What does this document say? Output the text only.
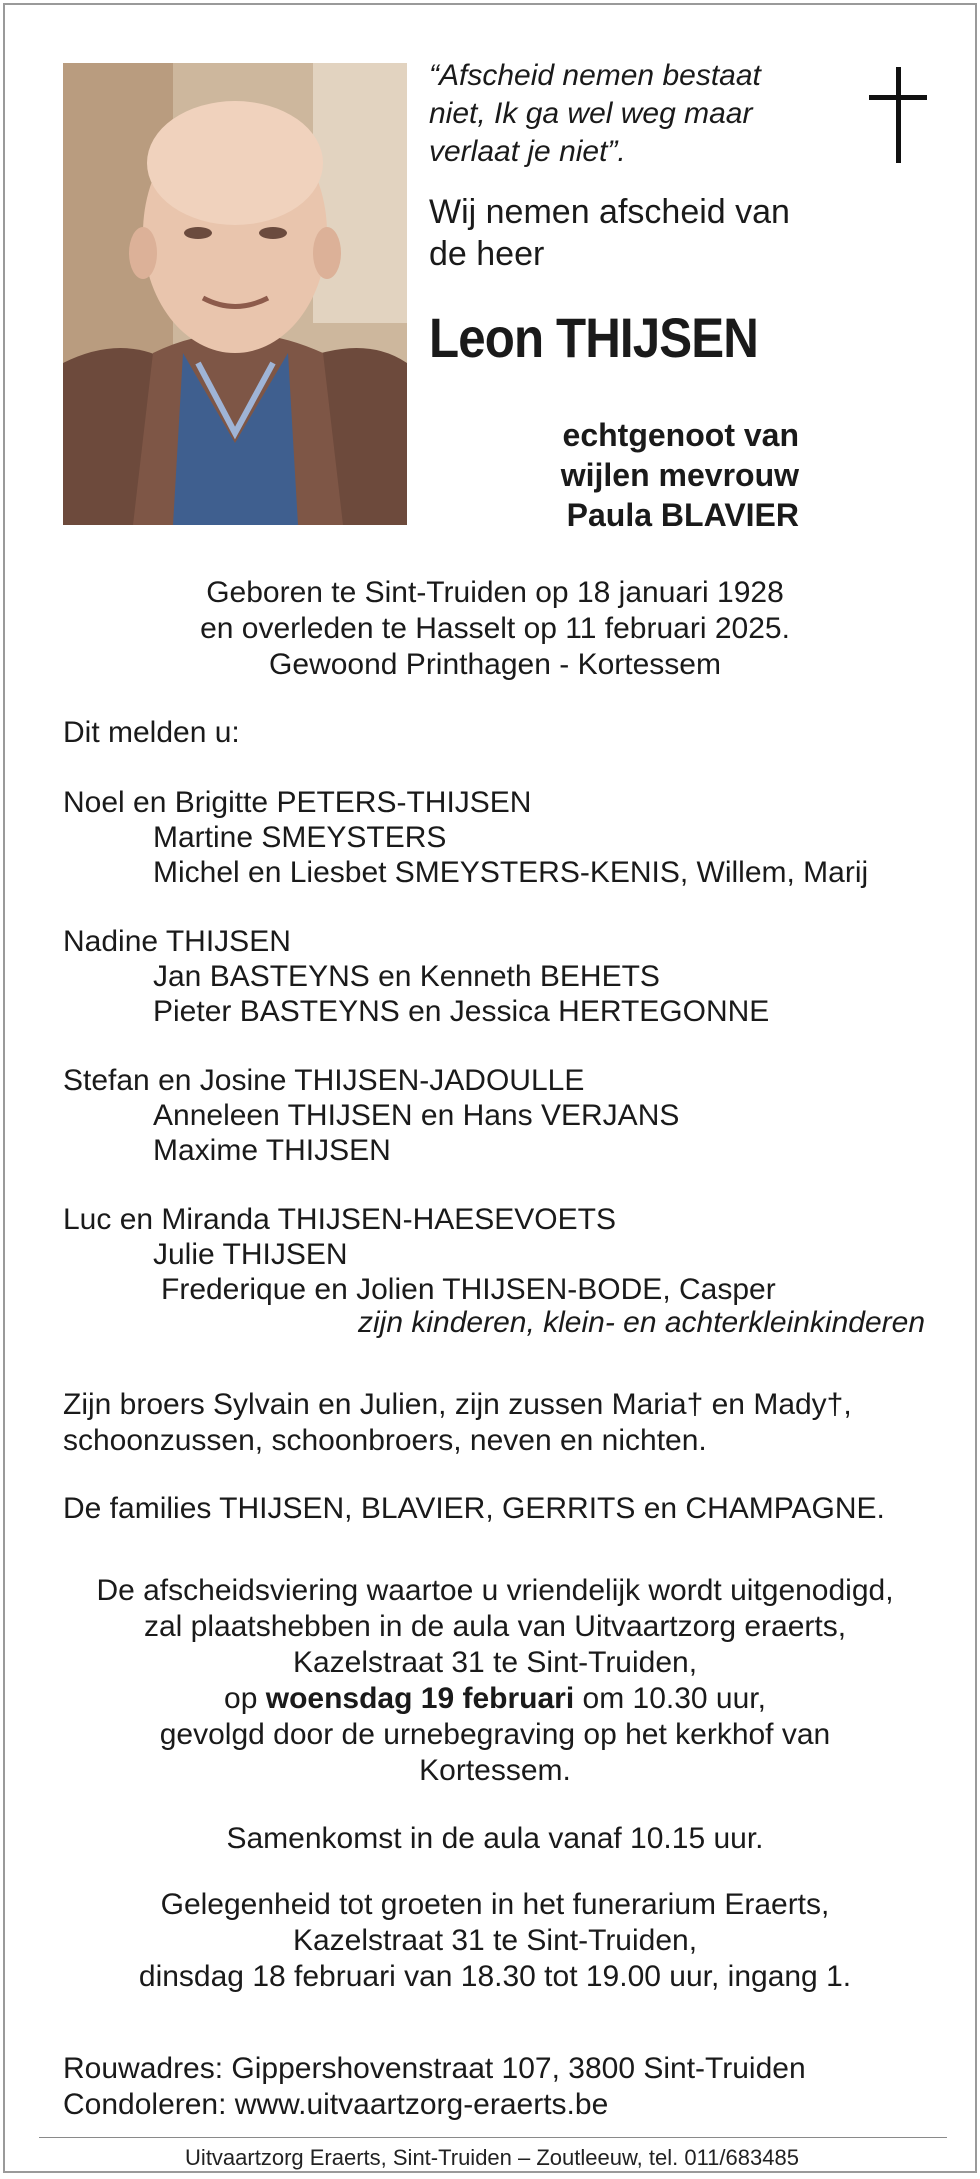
“Afscheid nemen bestaat
niet, Ik ga wel weg maar
verlaat je niet”.
Wij nemen afscheid van
de heer
Leon THIJSEN
echtgenoot van
wijlen mevrouw
Paula BLAVIER
Geboren te Sint-Truiden op 18 januari 1928
en overleden te Hasselt op 11 februari 2025.
Gewoond Printhagen - Kortessem
Dit melden u:
Noel en Brigitte PETERS-THIJSEN
Martine SMEYSTERS
Michel en Liesbet SMEYSTERS-KENIS, Willem, Marij
Nadine THIJSEN
Jan BASTEYNS en Kenneth BEHETS
Pieter BASTEYNS en Jessica HERTEGONNE
Stefan en Josine THIJSEN-JADOULLE
Anneleen THIJSEN en Hans VERJANS
Maxime THIJSEN
Luc en Miranda THIJSEN-HAESEVOETS
Julie THIJSEN
Frederique en Jolien THIJSEN-BODE, Casper
zijn kinderen, klein- en achterkleinkinderen
Zijn broers Sylvain en Julien, zijn zussen Maria† en Mady†,
schoonzussen, schoonbroers, neven en nichten.
De families THIJSEN, BLAVIER, GERRITS en CHAMPAGNE.
De afscheidsviering waartoe u vriendelijk wordt uitgenodigd,
zal plaatshebben in de aula van Uitvaartzorg eraerts,
Kazelstraat 31 te Sint-Truiden,
op woensdag 19 februari om 10.30 uur,
gevolgd door de urnebegraving op het kerkhof van
Kortessem.
Samenkomst in de aula vanaf 10.15 uur.
Gelegenheid tot groeten in het funerarium Eraerts,
Kazelstraat 31 te Sint-Truiden,
dinsdag 18 februari van 18.30 tot 19.00 uur, ingang 1.
Rouwadres: Gippershovenstraat 107, 3800 Sint-Truiden
Condoleren: www.uitvaartzorg-eraerts.be
Uitvaartzorg Eraerts, Sint-Truiden – Zoutleeuw, tel. 011/683485
